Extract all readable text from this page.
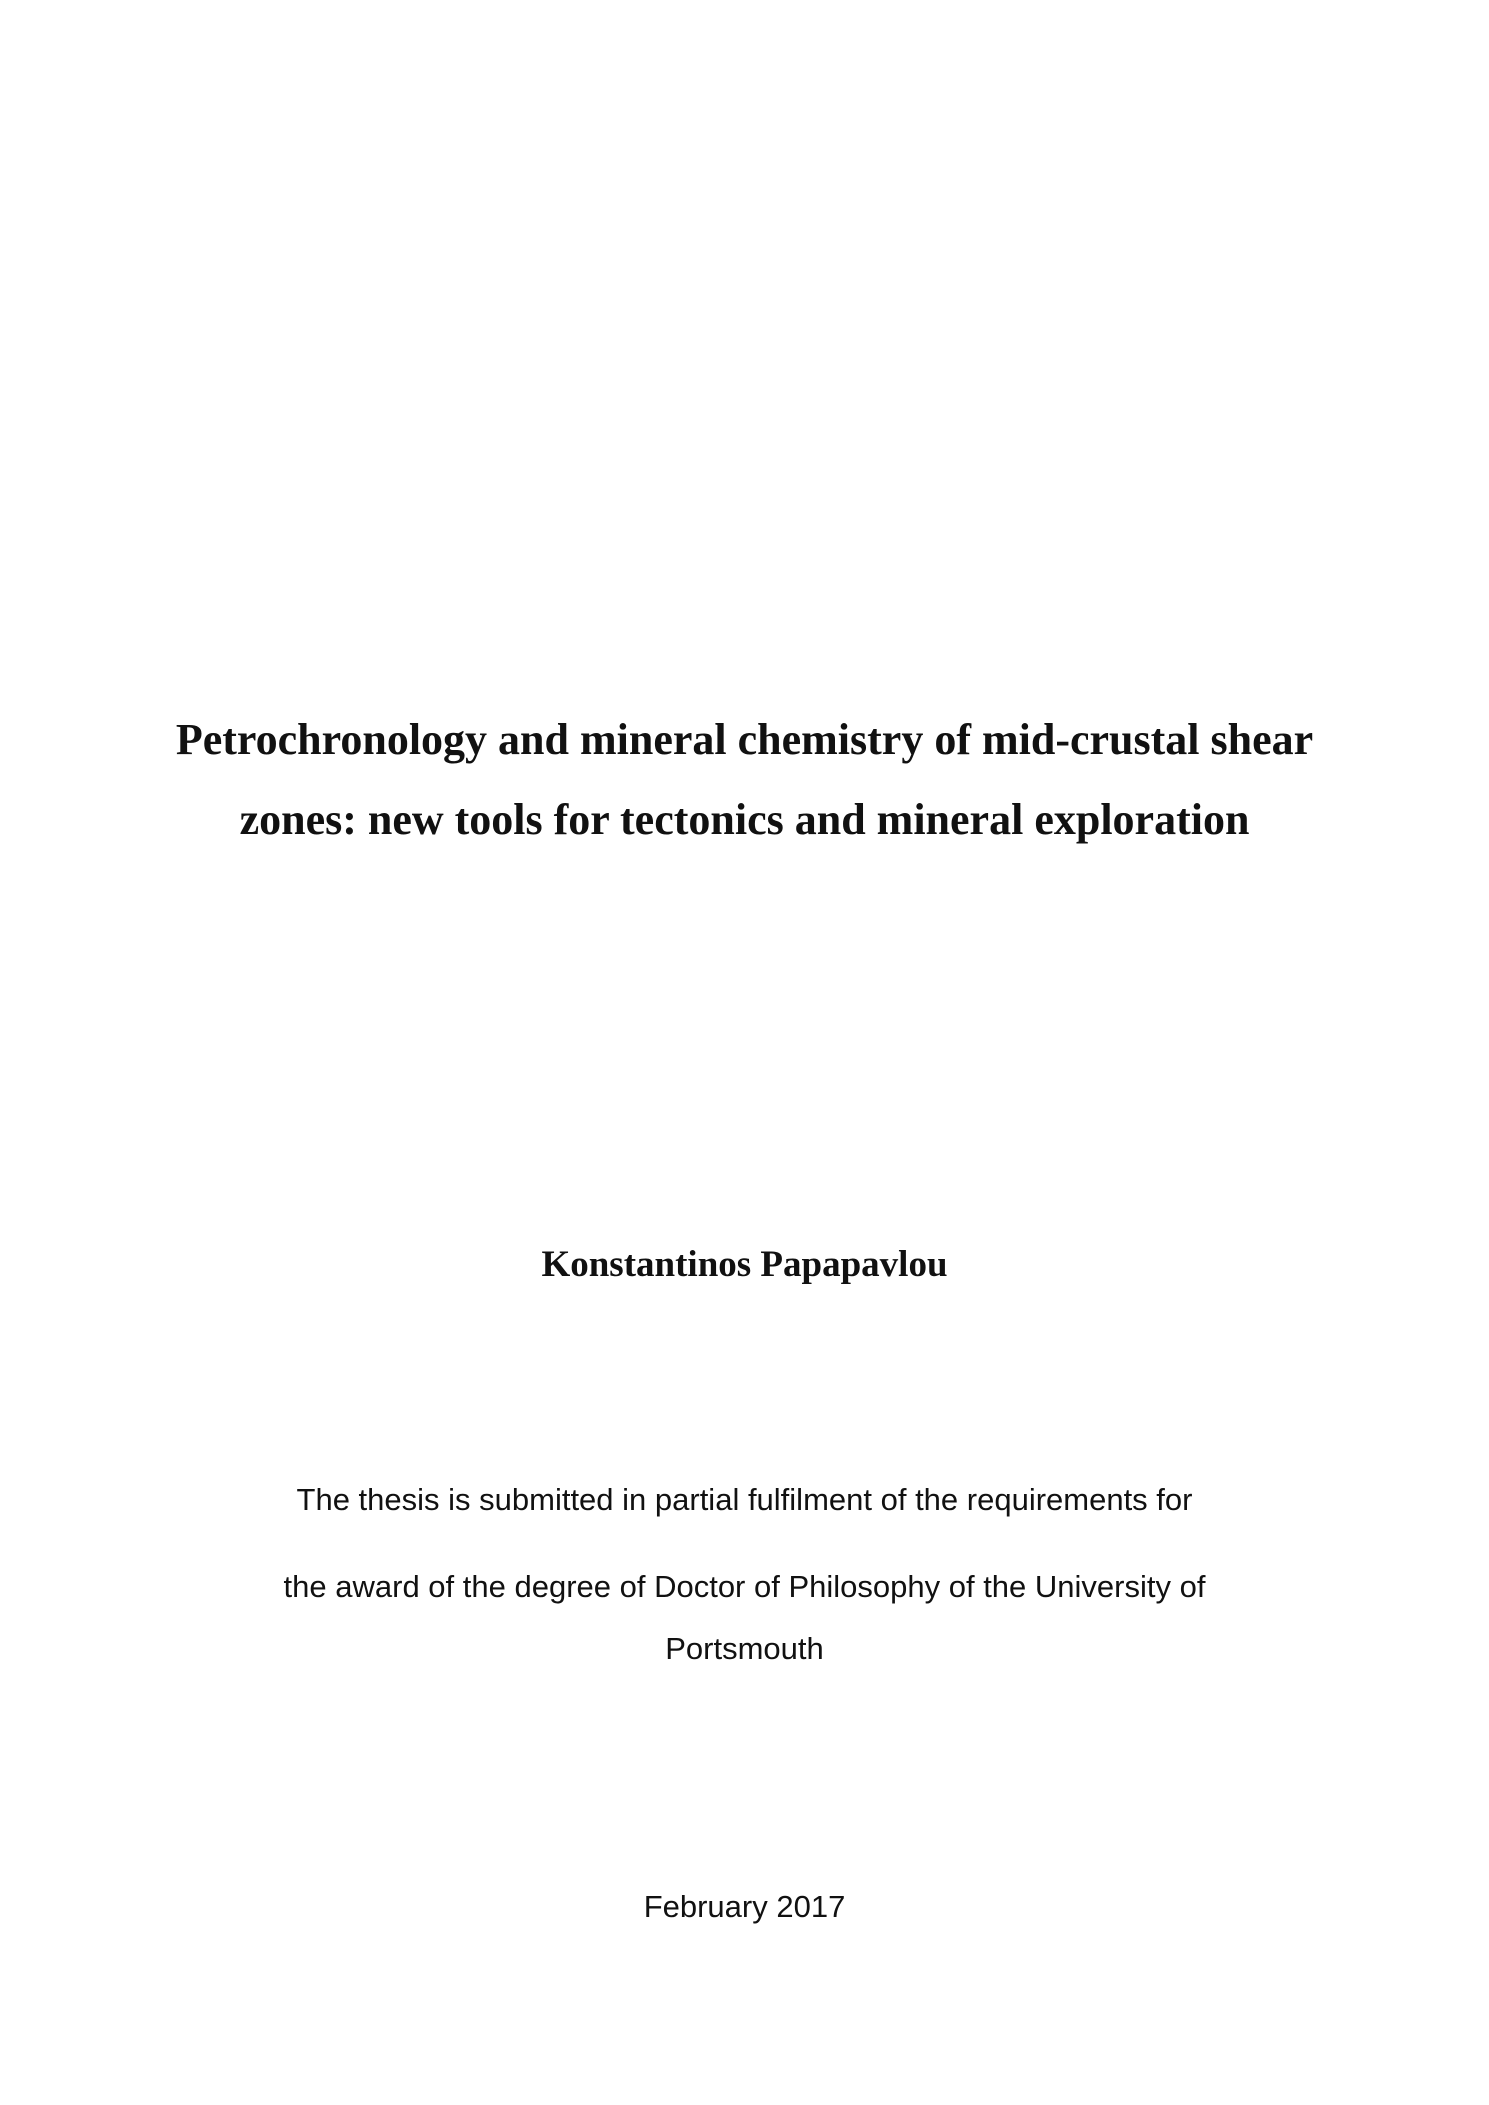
Petrochronology and mineral chemistry of mid-crustal shear
zones: new tools for tectonics and mineral exploration
Konstantinos Papapavlou
The thesis is submitted in partial fulfilment of the requirements for
the award of the degree of Doctor of Philosophy of the University of
Portsmouth
February 2017
